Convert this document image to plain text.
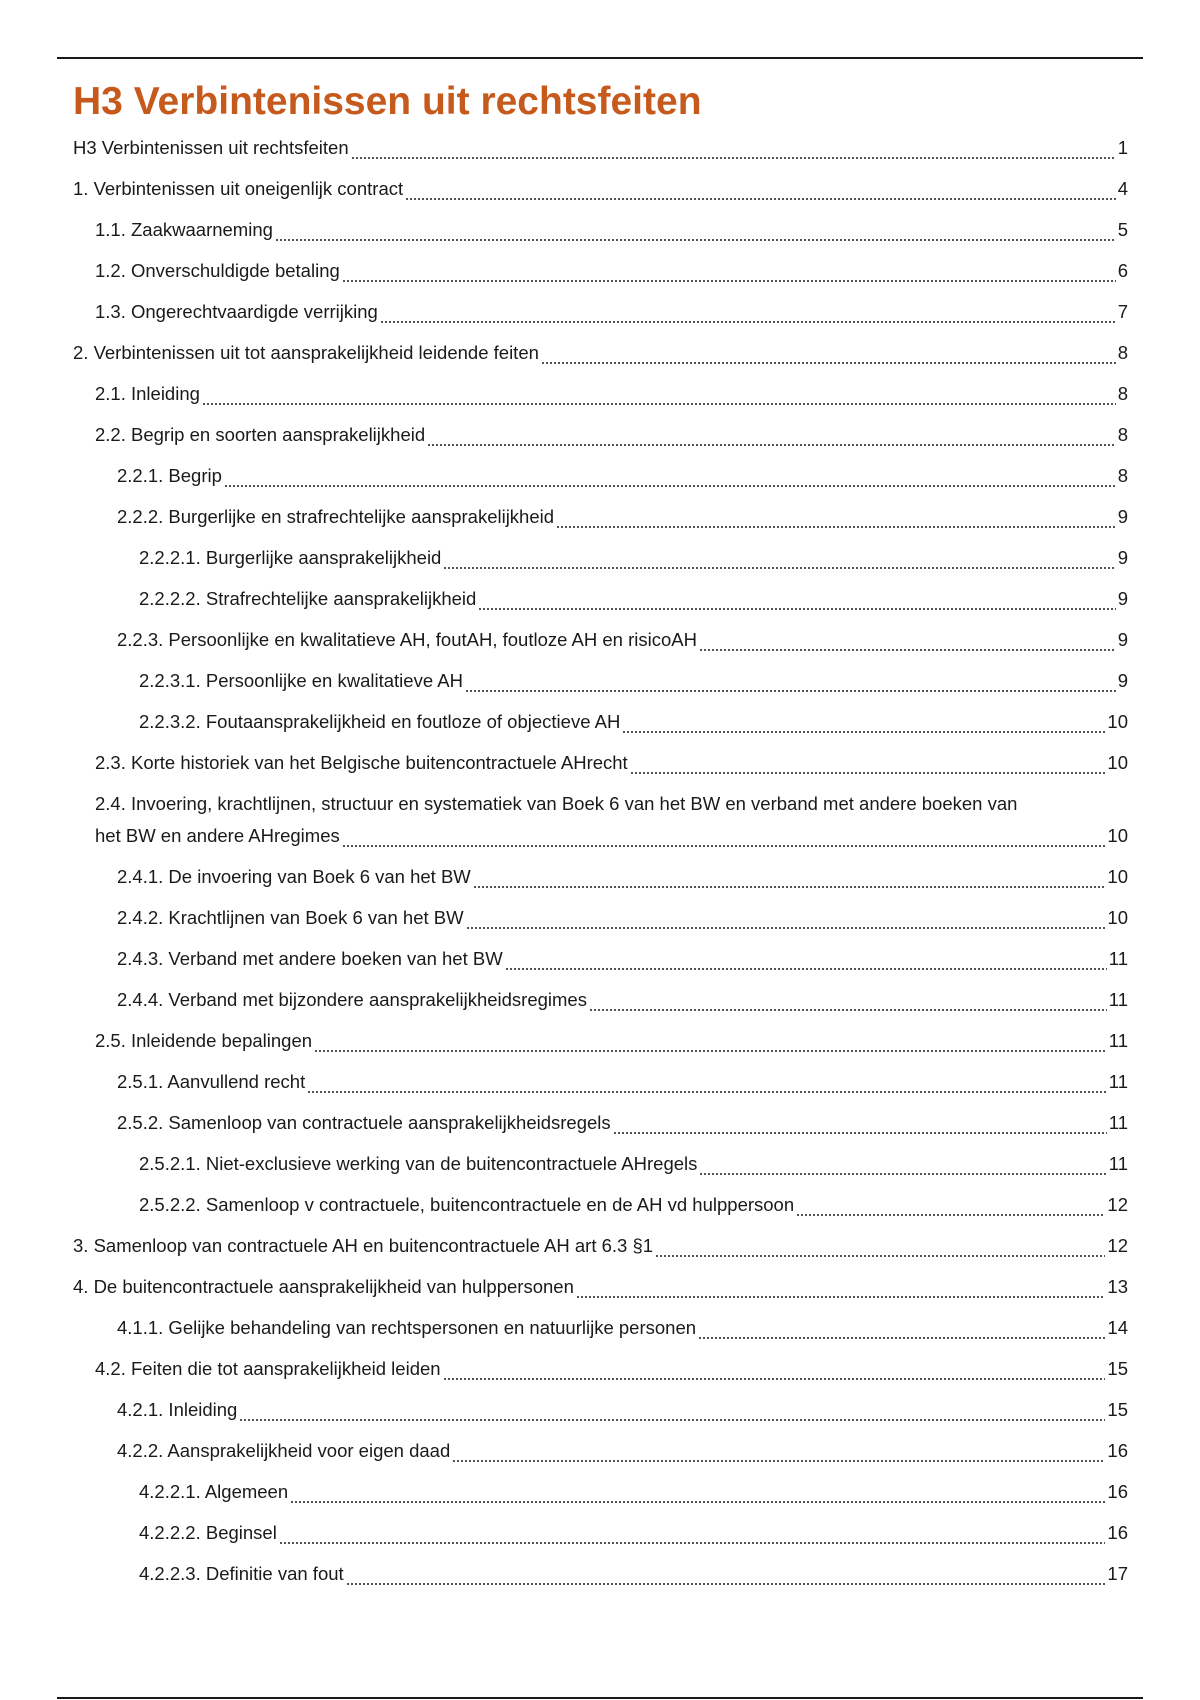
H3 Verbintenissen uit rechtsfeiten
H3 Verbintenissen uit rechtsfeiten	1
1. Verbintenissen uit oneigenlijk contract	4
1.1. Zaakwaarneming	5
1.2. Onverschuldigde betaling	6
1.3. Ongerechtvaardigde verrijking	7
2. Verbintenissen uit tot aansprakelijkheid leidende feiten	8
2.1. Inleiding	8
2.2. Begrip en soorten aansprakelijkheid	8
2.2.1. Begrip	8
2.2.2. Burgerlijke en strafrechtelijke aansprakelijkheid	9
2.2.2.1. Burgerlijke aansprakelijkheid	9
2.2.2.2. Strafrechtelijke aansprakelijkheid	9
2.2.3. Persoonlijke en kwalitatieve AH, foutAH, foutloze AH en risicoAH	9
2.2.3.1. Persoonlijke en kwalitatieve AH	9
2.2.3.2. Foutaansprakelijkheid en foutloze of objectieve AH	10
2.3. Korte historiek van het Belgische buitencontractuele AHrecht	10
2.4. Invoering, krachtlijnen, structuur en systematiek van Boek 6 van het BW en verband met andere boeken van
het BW en andere AHregimes	10
2.4.1. De invoering van Boek 6 van het BW	10
2.4.2. Krachtlijnen van Boek 6 van het BW	10
2.4.3. Verband met andere boeken van het BW	11
2.4.4. Verband met bijzondere aansprakelijkheidsregimes	11
2.5. Inleidende bepalingen	11
2.5.1. Aanvullend recht	11
2.5.2. Samenloop van contractuele aansprakelijkheidsregels	11
2.5.2.1. Niet-exclusieve werking van de buitencontractuele AHregels	11
2.5.2.2. Samenloop v contractuele, buitencontractuele en de AH vd hulppersoon	12
3. Samenloop van contractuele AH en buitencontractuele AH art 6.3 §1	12
4. De buitencontractuele aansprakelijkheid van hulppersonen	13
4.1.1. Gelijke behandeling van rechtspersonen en natuurlijke personen	14
4.2. Feiten die tot aansprakelijkheid leiden	15
4.2.1. Inleiding	15
4.2.2. Aansprakelijkheid voor eigen daad	16
4.2.2.1. Algemeen	16
4.2.2.2. Beginsel	16
4.2.2.3. Definitie van fout	17
